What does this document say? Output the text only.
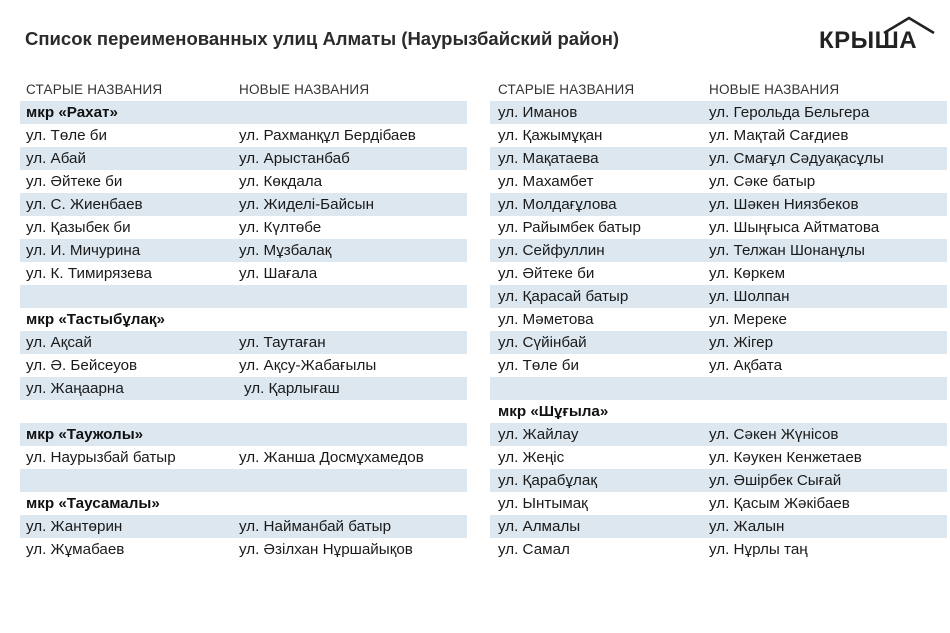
Список переименованных улиц Алматы (Наурызбайский район)	КРЫША
СТАРЫЕ НАЗВАНИЯ	НОВЫЕ НАЗВАНИЯ
мкр «Рахат»
ул. Төле би	ул. Рахманқұл Бердібаев
ул. Абай	ул. Арыстанбаб
ул. Әйтеке би	ул. Көкдала
ул. С. Жиенбаев	ул. Жиделі-Байсын
ул. Қазыбек би	ул. Күлтөбе
ул. И. Мичурина	ул. Мұзбалақ
ул. К. Тимирязева	ул. Шағала
мкр «Тастыбұлақ»
ул. Ақсай	ул. Таутаған
ул. Ә. Бейсеуов	ул. Ақсу-Жабағылы
ул. Жаңаарна	ул. Қарлығаш
мкр «Таужолы»
ул. Наурызбай батыр	ул. Жанша Досмұхамедов
мкр «Таусамалы»
ул. Жантөрин	ул. Найманбай батыр
ул. Жұмабаев	ул. Әзілхан Нұршайықов
СТАРЫЕ НАЗВАНИЯ	НОВЫЕ НАЗВАНИЯ
ул. Иманов	ул. Герольда Бельгера
ул. Қажымұқан	ул. Мақтай Сағдиев
ул. Мақатаева	ул. Смағұл Сәдуақасұлы
ул. Махамбет	ул. Сәке батыр
ул. Молдағұлова	ул. Шәкен Ниязбеков
ул. Райымбек батыр	ул. Шыңғыса Айтматова
ул. Сейфуллин	ул. Телжан Шонанұлы
ул. Әйтеке би	ул. Көркем
ул. Қарасай батыр	ул. Шолпан
ул. Мәметова	ул. Мереке
ул. Сүйінбай	ул. Жігер
ул. Төле би	ул. Ақбата
мкр «Шұғыла»
ул. Жайлау	ул. Сәкен Жүнісов
ул. Жеңіс	ул. Кәукен Кенжетаев
ул. Қарабұлақ	ул. Әшірбек Сығай
ул. Ынтымақ	ул. Қасым Жәкібаев
ул. Алмалы	ул. Жалын
ул. Самал	ул. Нұрлы таң
